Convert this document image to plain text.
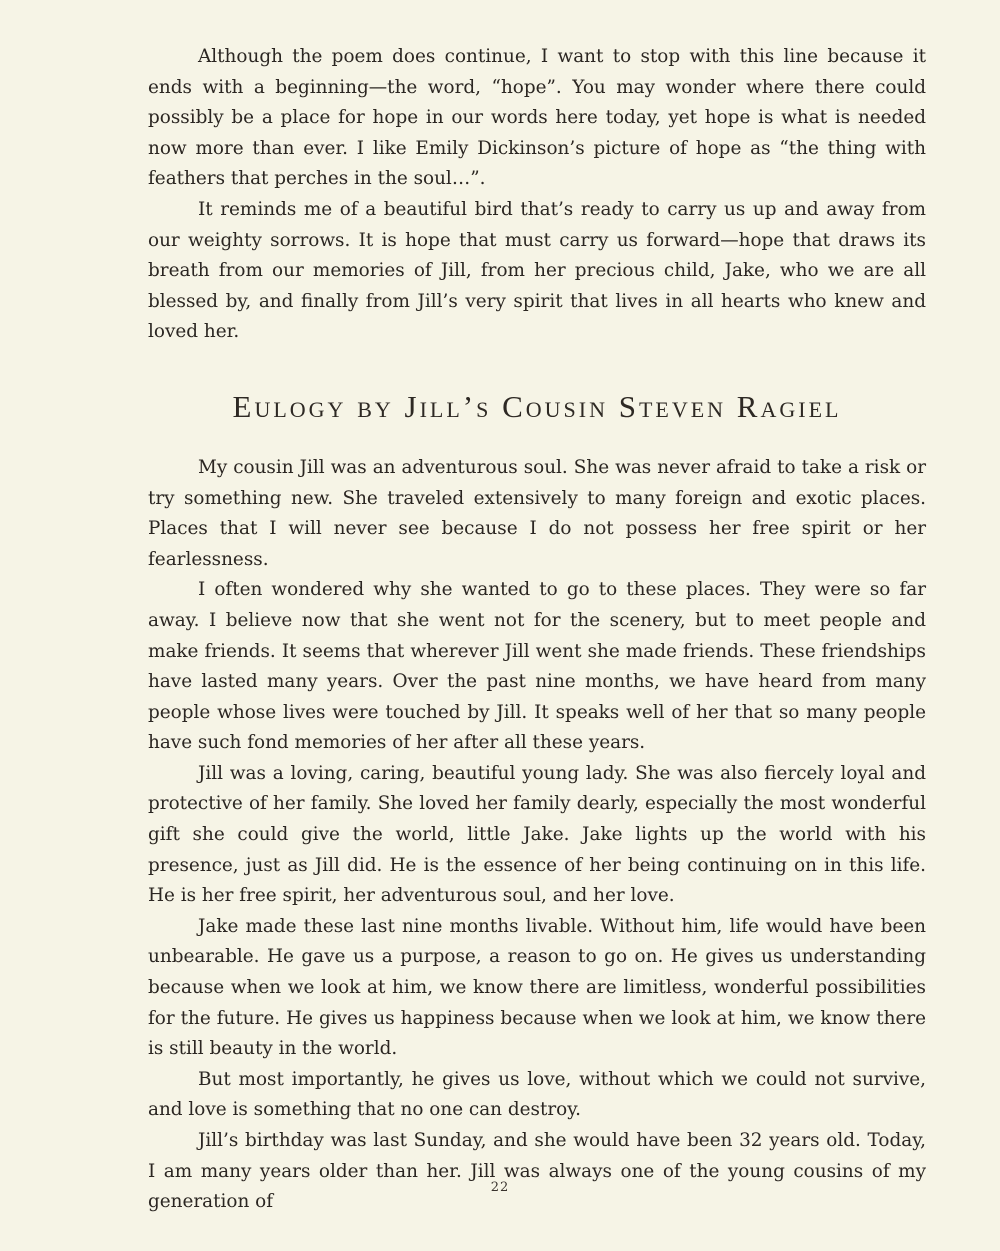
Although the poem does continue, I want to stop with this line because it ends with a beginning—the word, “hope”. You may wonder where there could possibly be a place for hope in our words here today, yet hope is what is needed now more than ever. I like Emily Dickinson’s picture of hope as “the thing with feathers that perches in the soul…”.

It reminds me of a beautiful bird that’s ready to carry us up and away from our weighty sorrows. It is hope that must carry us forward—hope that draws its breath from our memories of Jill, from her precious child, Jake, who we are all blessed by, and finally from Jill’s very spirit that lives in all hearts who knew and loved her.

Eulogy by Jill’s Cousin Steven Ragiel

My cousin Jill was an adventurous soul. She was never afraid to take a risk or try something new. She traveled extensively to many foreign and exotic places. Places that I will never see because I do not possess her free spirit or her fearlessness.

I often wondered why she wanted to go to these places. They were so far away. I believe now that she went not for the scenery, but to meet people and make friends. It seems that wherever Jill went she made friends. These friendships have lasted many years. Over the past nine months, we have heard from many people whose lives were touched by Jill. It speaks well of her that so many people have such fond memories of her after all these years.

Jill was a loving, caring, beautiful young lady. She was also fiercely loyal and protective of her family. She loved her family dearly, especially the most wonderful gift she could give the world, little Jake. Jake lights up the world with his presence, just as Jill did. He is the essence of her being continuing on in this life. He is her free spirit, her adventurous soul, and her love.

Jake made these last nine months livable. Without him, life would have been unbearable. He gave us a purpose, a reason to go on. He gives us understanding because when we look at him, we know there are limitless, wonderful possibilities for the future. He gives us happiness because when we look at him, we know there is still beauty in the world.

But most importantly, he gives us love, without which we could not survive, and love is something that no one can destroy.

Jill’s birthday was last Sunday, and she would have been 32 years old. Today, I am many years older than her. Jill was always one of the young cousins of my generation of

22
